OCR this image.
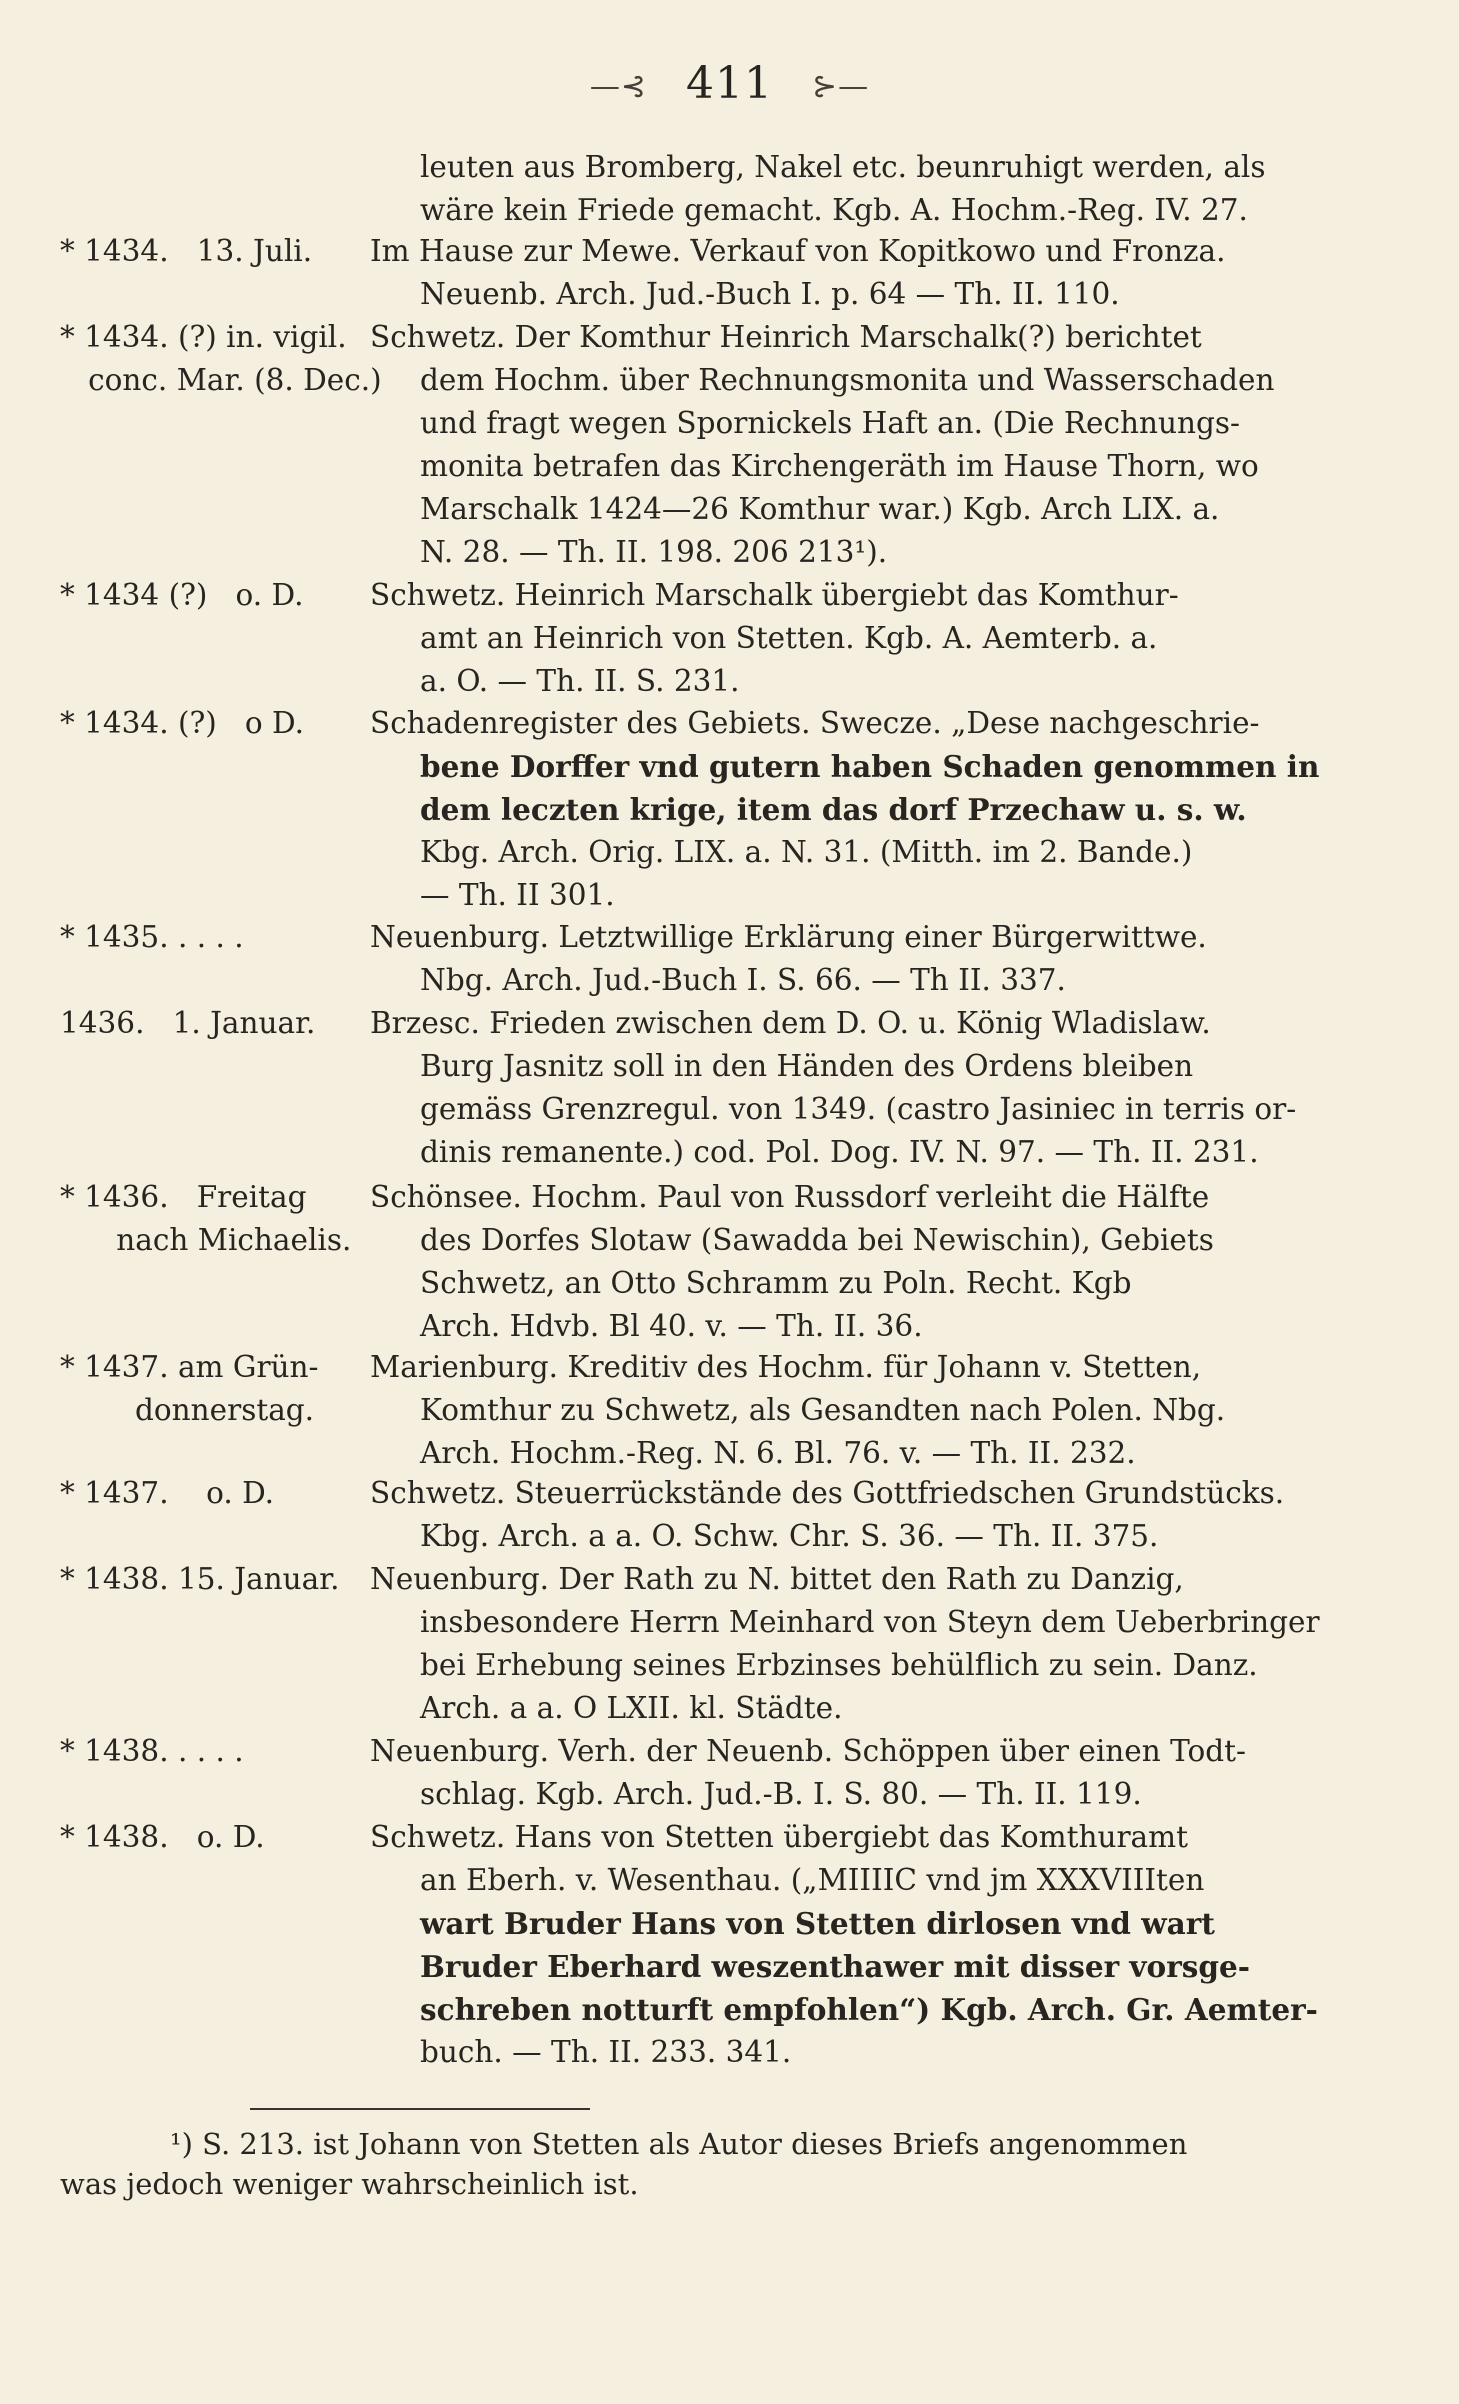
—⊰ 411 ⊱—
leuten aus Bromberg, Nakel etc. beunruhigt werden, als
wäre kein Friede gemacht. Kgb. A. Hochm.-Reg. IV. 27.
* 1434.   13. Juli. Im Hause zur Mewe. Verkauf von Kopitkowo und Fronza.
Neuenb. Arch. Jud.-Buch I. p. 64 — Th. II. 110.
* 1434. (?) in. vigil.
conc. Mar. (8. Dec.)
Schwetz. Der Komthur Heinrich Marschalk(?) berichtet
dem Hochm. über Rechnungsmonita und Wasserschaden
und fragt wegen Spornickels Haft an. (Die Rechnungs-
monita betrafen das Kirchengeräth im Hause Thorn, wo
Marschalk 1424—26 Komthur war.) Kgb. Arch LIX. a.
N. 28. — Th. II. 198. 206 213¹).
* 1434 (?)   o. D. Schwetz. Heinrich Marschalk übergiebt das Komthur-
amt an Heinrich von Stetten. Kgb. A. Aemterb. a.
a. O. — Th. II. S. 231.
* 1434. (?)   o D. Schadenregister des Gebiets. Swecze. „Dese nachgeschrie-
bene Dorffer vnd gutern haben Schaden genommen in
dem leczten krige, item das dorf Przechaw u. s. w.
Kbg. Arch. Orig. LIX. a. N. 31. (Mitth. im 2. Bande.)
— Th. II 301.
* 1435. . . . .	Neuenburg. Letztwillige Erklärung einer Bürgerwittwe.
Nbg. Arch. Jud.-Buch I. S. 66. — Th II. 337.
1436.   1. Januar. Brzesc. Frieden zwischen dem D. O. u. König Wladislaw.
Burg Jasnitz soll in den Händen des Ordens bleiben
gemäss Grenzregul. von 1349. (castro Jasiniec in terris or-
dinis remanente.) cod. Pol. Dog. IV. N. 97. — Th. II. 231.
* 1436.   Freitag
nach Michaelis.
Schönsee. Hochm. Paul von Russdorf verleiht die Hälfte
des Dorfes Slotaw (Sawadda bei Newischin), Gebiets
Schwetz, an Otto Schramm zu Poln. Recht. Kgb
Arch. Hdvb. Bl 40. v. — Th. II. 36.
* 1437. am Grün-
donnerstag.
Marienburg. Kreditiv des Hochm. für Johann v. Stetten,
Komthur zu Schwetz, als Gesandten nach Polen. Nbg.
Arch. Hochm.-Reg. N. 6. Bl. 76. v. — Th. II. 232.
* 1437.    o. D.	Schwetz. Steuerrückstände des Gottfriedschen Grundstücks.
Kbg. Arch. a a. O. Schw. Chr. S. 36. — Th. II. 375.
* 1438. 15. Januar. Neuenburg. Der Rath zu N. bittet den Rath zu Danzig,
insbesondere Herrn Meinhard von Steyn dem Ueberbringer
bei Erhebung seines Erbzinses behülflich zu sein. Danz.
Arch. a a. O LXII. kl. Städte.
* 1438. . . . .	Neuenburg. Verh. der Neuenb. Schöppen über einen Todt-
schlag. Kgb. Arch. Jud.-B. I. S. 80. — Th. II. 119.
* 1438.   o. D.	Schwetz. Hans von Stetten übergiebt das Komthuramt
an Eberh. v. Wesenthau. („MIIIIC vnd jm XXXVIIIten
wart Bruder Hans von Stetten dirlosen vnd wart
Bruder Eberhard weszenthawer mit disser vorsge-
schreben notturft empfohlen“) Kgb. Arch. Gr. Aemter-
buch. — Th. II. 233. 341.
¹) S. 213. ist Johann von Stetten als Autor dieses Briefs angenommen
was jedoch weniger wahrscheinlich ist.
